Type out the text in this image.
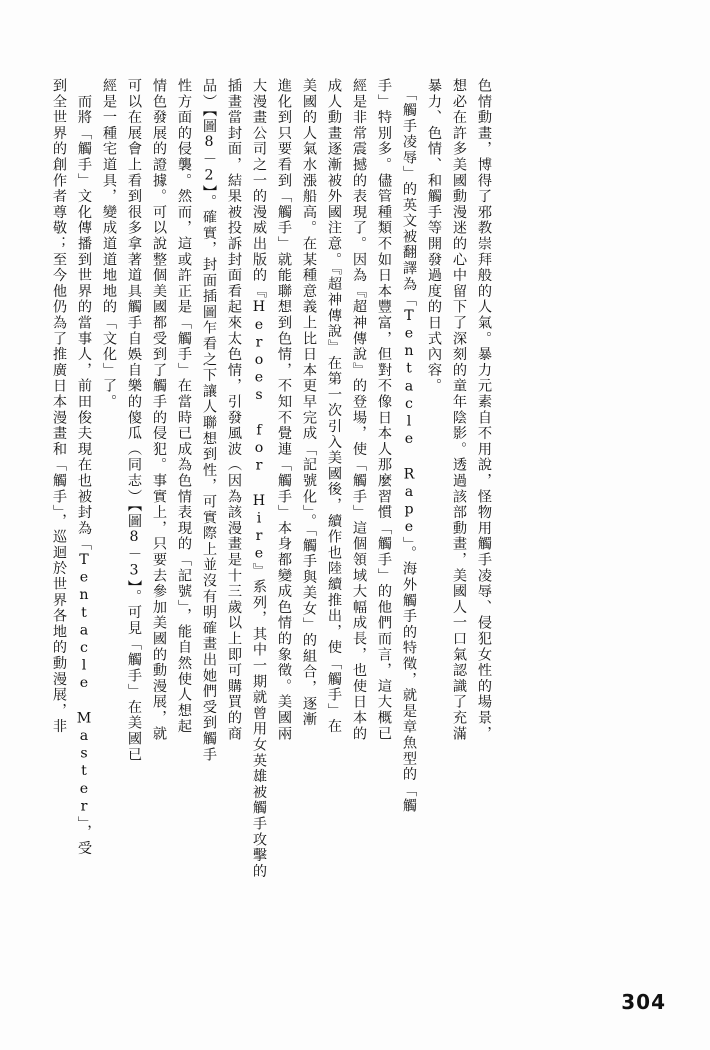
色情動畫，博得了邪教崇拜般的人氣。暴力元素自不用說，怪物用觸手凌辱、侵犯女性的場景，
想必在許多美國動漫迷的心中留下了深刻的童年陰影。透過該部動畫，美國人一口氣認識了充滿
暴力、色情、和觸手等開發過度的日式內容。
　「觸手凌辱」的英文被翻譯為「Tentacle Rape」。海外觸手的特徵，就是章魚型的「觸
手」特別多。儘管種類不如日本豐富，但對不像日本人那麼習慣「觸手」的他們而言，這大概已
經是非常震撼的表現了。因為『超神傳說』的登場，使「觸手」這個領域大幅成長，也使日本的
成人動畫逐漸被外國注意。『超神傳說』在第一次引入美國後，續作也陸續推出，使「觸手」在
美國的人氣水漲船高。在某種意義上比日本更早完成「記號化」。「觸手與美女」的組合，逐漸
進化到只要看到「觸手」就能聯想到色情，不知不覺連「觸手」本身都變成色情的象徵。美國兩
大漫畫公司之一的漫威出版的『Heroes for Hire』系列，其中一期就曾用女英雄被觸手攻擊的
插畫當封面，結果被投訴封面看起來太色情，引發風波（因為該漫畫是十三歲以上即可購買的商
品）【圖8－2】。確實，封面插圖乍看之下讓人聯想到性，可實際上並沒有明確畫出她們受到觸手
性方面的侵襲。然而，這或許正是「觸手」在當時已成為色情表現的「記號」，能自然使人想起
情色發展的證據。可以說整個美國都受到了觸手的侵犯。事實上，只要去參加美國的動漫展，就
可以在展會上看到很多拿著道具觸手自娛自樂的傻瓜（同志）【圖8－3】。可見「觸手」在美國已
經是一種宅道具，變成道道地地的「文化」了。
　而將「觸手」文化傳播到世界的當事人，前田俊夫現在也被封為「Tentacle Master」，受
到全世界的創作者尊敬；至今他仍為了推廣日本漫畫和「觸手」，巡迴於世界各地的動漫展，非
304
